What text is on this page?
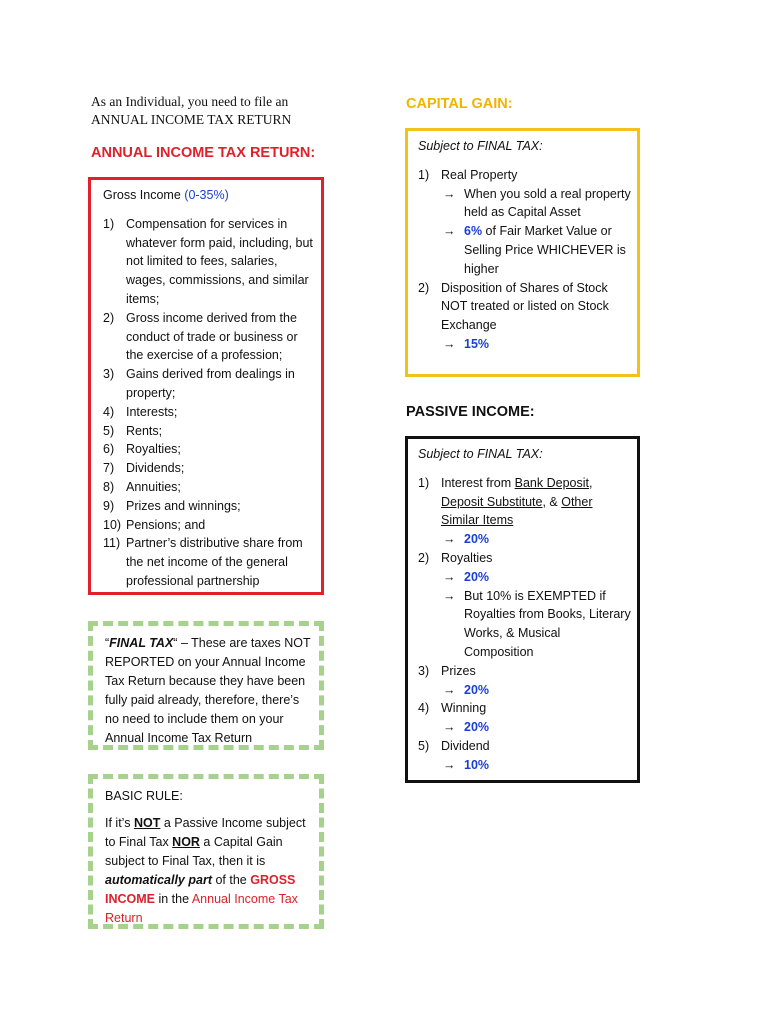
As an Individual, you need to file an
ANNUAL INCOME TAX RETURN
ANNUAL INCOME TAX RETURN:
Gross Income (0-35%)
1) Compensation for services in whatever form paid, including, but not limited to fees, salaries, wages, commissions, and similar items;
2) Gross income derived from the conduct of trade or business or the exercise of a profession;
3) Gains derived from dealings in property;
4) Interests;
5) Rents;
6) Royalties;
7) Dividends;
8) Annuities;
9) Prizes and winnings;
10) Pensions; and
11) Partner’s distributive share from the net income of the general professional partnership
“FINAL TAX“ – These are taxes NOT REPORTED on your Annual Income Tax Return because they have been fully paid already, therefore, there’s no need to include them on your Annual Income Tax Return
BASIC RULE:
If it’s NOT a Passive Income subject to Final Tax NOR a Capital Gain subject to Final Tax, then it is automatically part of the GROSS INCOME in the Annual Income Tax Return
CAPITAL GAIN:
Subject to FINAL TAX:
1) Real Property
→ When you sold a real property held as Capital Asset
→ 6% of Fair Market Value or Selling Price WHICHEVER is higher
2) Disposition of Shares of Stock NOT treated or listed on Stock Exchange
→ 15%
PASSIVE INCOME:
Subject to FINAL TAX:
1) Interest from Bank Deposit, Deposit Substitute, & Other Similar Items
→ 20%
2) Royalties
→ 20%
→ But 10% is EXEMPTED if Royalties from Books, Literary Works, & Musical Composition
3) Prizes
→ 20%
4) Winning
→ 20%
5) Dividend
→ 10%
